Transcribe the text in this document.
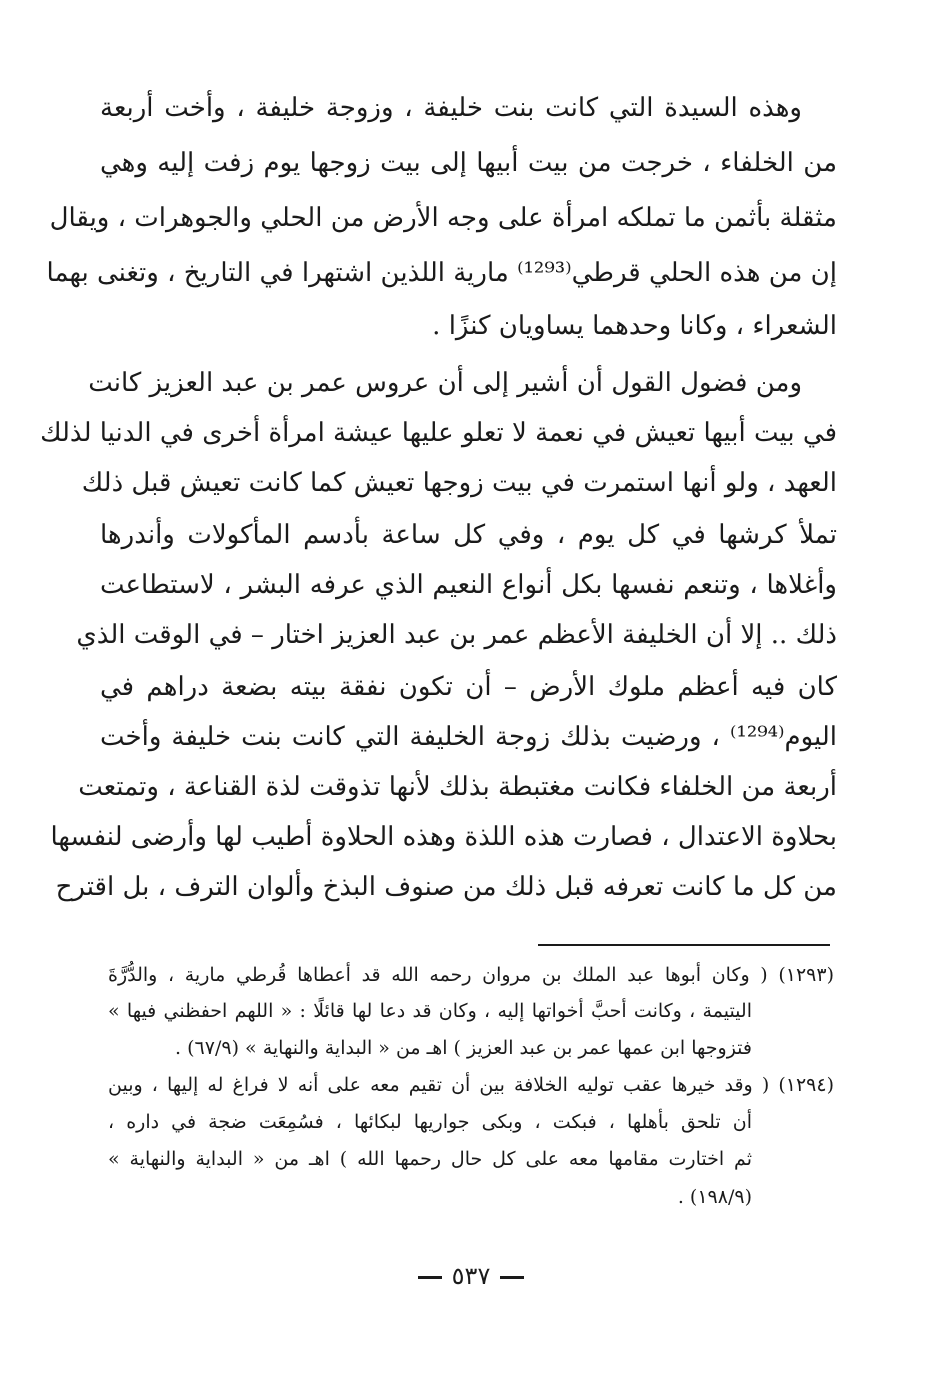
وهذه السيدة التي كانت بنت خليفة ، وزوجة خليفة ، وأخت أربعة

من الخلفاء ، خرجت من بيت أبيها إلى بيت زوجها يوم زفت إليه وهي

مثقلة بأثمن ما تملكه امرأة على وجه الأرض من الحلي والجوهرات ، ويقال

إن من هذه الحلي قرطي⁽¹²⁹³⁾ مارية اللذين اشتهرا في التاريخ ، وتغنى بهما

الشعراء ، وكانا وحدهما يساويان كنزًا .

ومن فضول القول أن أشير إلى أن عروس عمر بن عبد العزيز كانت

في بيت أبيها تعيش في نعمة لا تعلو عليها عيشة امرأة أخرى في الدنيا لذلك

العهد ، ولو أنها استمرت في بيت زوجها تعيش كما كانت تعيش قبل ذلك

تملأ كرشها في كل يوم ، وفي كل ساعة بأدسم المأكولات وأندرها

وأغلاها ، وتنعم نفسها بكل أنواع النعيم الذي عرفه البشر ، لاستطاعت

ذلك .. إلا أن الخليفة الأعظم عمر بن عبد العزيز اختار – في الوقت الذي

كان فيه أعظم ملوك الأرض – أن تكون نفقة بيته بضعة دراهم في

اليوم⁽¹²⁹⁴⁾ ، ورضيت بذلك زوجة الخليفة التي كانت بنت خليفة وأخت

أربعة من الخلفاء فكانت مغتبطة بذلك لأنها تذوقت لذة القناعة ، وتمتعت

بحلاوة الاعتدال ، فصارت هذه اللذة وهذه الحلاوة أطيب لها وأرضى لنفسها

من كل ما كانت تعرفه قبل ذلك من صنوف البذخ وألوان الترف ، بل اقترح

(١٢٩٣) ( وكان أبوها عبد الملك بن مروان رحمه الله قد أعطاها قُرطي مارية ، والدُّرَّةَ

اليتيمة ، وكانت أحبَّ أخواتها إليه ، وكان قد دعا لها قائلًا : « اللهم احفظني فيها »

فتزوجها ابن عمها عمر بن عبد العزيز ) اهـ من « البداية والنهاية » (٦٧/٩) .

(١٢٩٤) ( وقد خيرها عقب توليه الخلافة بين أن تقيم معه على أنه لا فراغ له إليها ، وبين

أن تلحق بأهلها ، فبكت ، وبكى جواريها لبكائها ، فسُمِعَت ضجة في داره ،

ثم اختارت مقامها معه على كل حال رحمها الله ) اهـ من « البداية والنهاية »

(١٩٨/٩) .

٥٣٧
